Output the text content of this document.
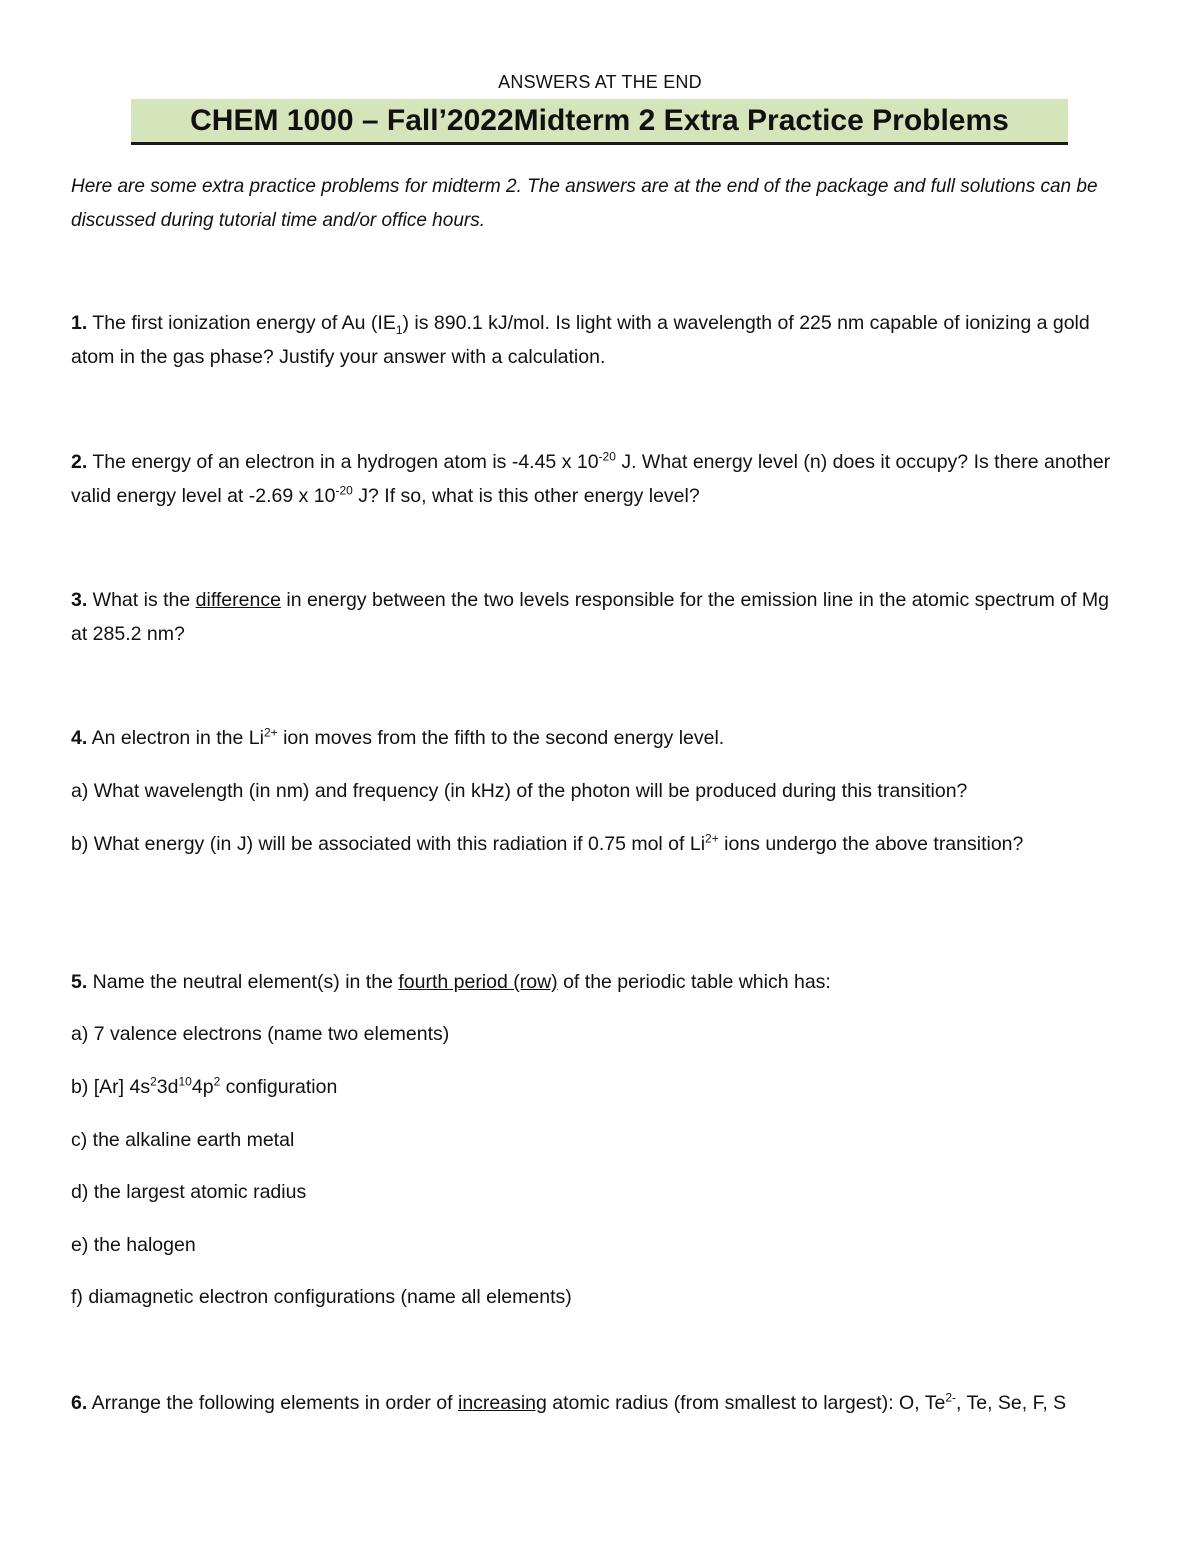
ANSWERS AT THE END
CHEM 1000 – Fall’2022 Midterm 2 Extra Practice Problems
Here are some extra practice problems for midterm 2. The answers are at the end of the package and full solutions can be discussed during tutorial time and/or office hours.
1. The first ionization energy of Au $(IE_1)$ is 890.1 kJ/mol. Is light with a wavelength of 225 nm capable of ionizing a gold atom in the gas phase? Justify your answer with a calculation.
2. The energy of an electron in a hydrogen atom is -4.45 x $10^{-20}$ J. What energy level (n) does it occupy? Is there another valid energy level at -2.69 x $10^{-20}$ J? If so, what is this other energy level?
3. What is the difference in energy between the two levels responsible for the emission line in the atomic spectrum of Mg at 285.2 nm?
4. An electron in the $Li^{2+}$ ion moves from the fifth to the second energy level.
a) What wavelength (in nm) and frequency (in kHz) of the photon will be produced during this transition?
b) What energy (in J) will be associated with this radiation if 0.75 mol of $Li^{2+}$ ions undergo the above transition?
5. Name the neutral element(s) in the fourth period (row) of the periodic table which has:
a) 7 valence electrons (name two elements)
b) [Ar] $4s^23d^{10}4p^2$ configuration
c) the alkaline earth metal
d) the largest atomic radius
e) the halogen
f) diamagnetic electron configurations (name all elements)
6. Arrange the following elements in order of increasing atomic radius (from smallest to largest): O, $Te^{2-}$, Te, Se, F, S
